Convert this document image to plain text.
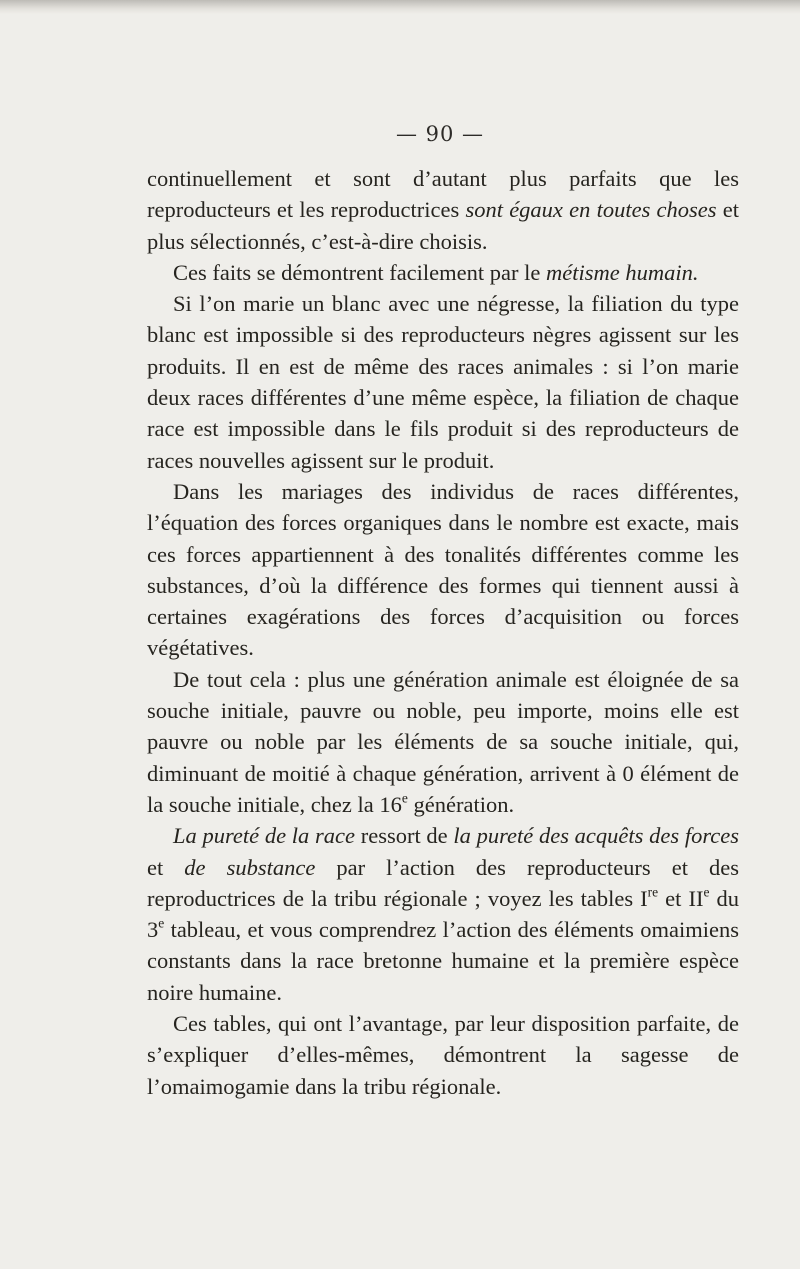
— 90 —

continuellement et sont d’autant plus parfaits que les reproducteurs et les reproductrices sont égaux en toutes choses et plus sélectionnés, c’est-à-dire choisis.

Ces faits se démontrent facilement par le métisme humain.

Si l’on marie un blanc avec une négresse, la filiation du type blanc est impossible si des reproducteurs nègres agissent sur les produits. Il en est de même des races animales : si l’on marie deux races différentes d’une même espèce, la filiation de chaque race est impossible dans le fils produit si des reproducteurs de races nouvelles agissent sur le produit.

Dans les mariages des individus de races différentes, l’équation des forces organiques dans le nombre est exacte, mais ces forces appartiennent à des tonalités différentes comme les substances, d’où la différence des formes qui tiennent aussi à certaines exagérations des forces d’acquisition ou forces végétatives.

De tout cela : plus une génération animale est éloignée de sa souche initiale, pauvre ou noble, peu importe, moins elle est pauvre ou noble par les éléments de sa souche initiale, qui, diminuant de moitié à chaque génération, arrivent à 0 élément de la souche initiale, chez la 16e génération.

La pureté de la race ressort de la pureté des acquêts des forces et de substance par l’action des reproducteurs et des reproductrices de la tribu régionale ; voyez les tables Ire et IIe du 3e tableau, et vous comprendrez l’action des éléments omaimiens constants dans la race bretonne humaine et la première espèce noire humaine.

Ces tables, qui ont l’avantage, par leur disposition parfaite, de s’expliquer d’elles-mêmes, démontrent la sagesse de l’omaimogamie dans la tribu régionale.
